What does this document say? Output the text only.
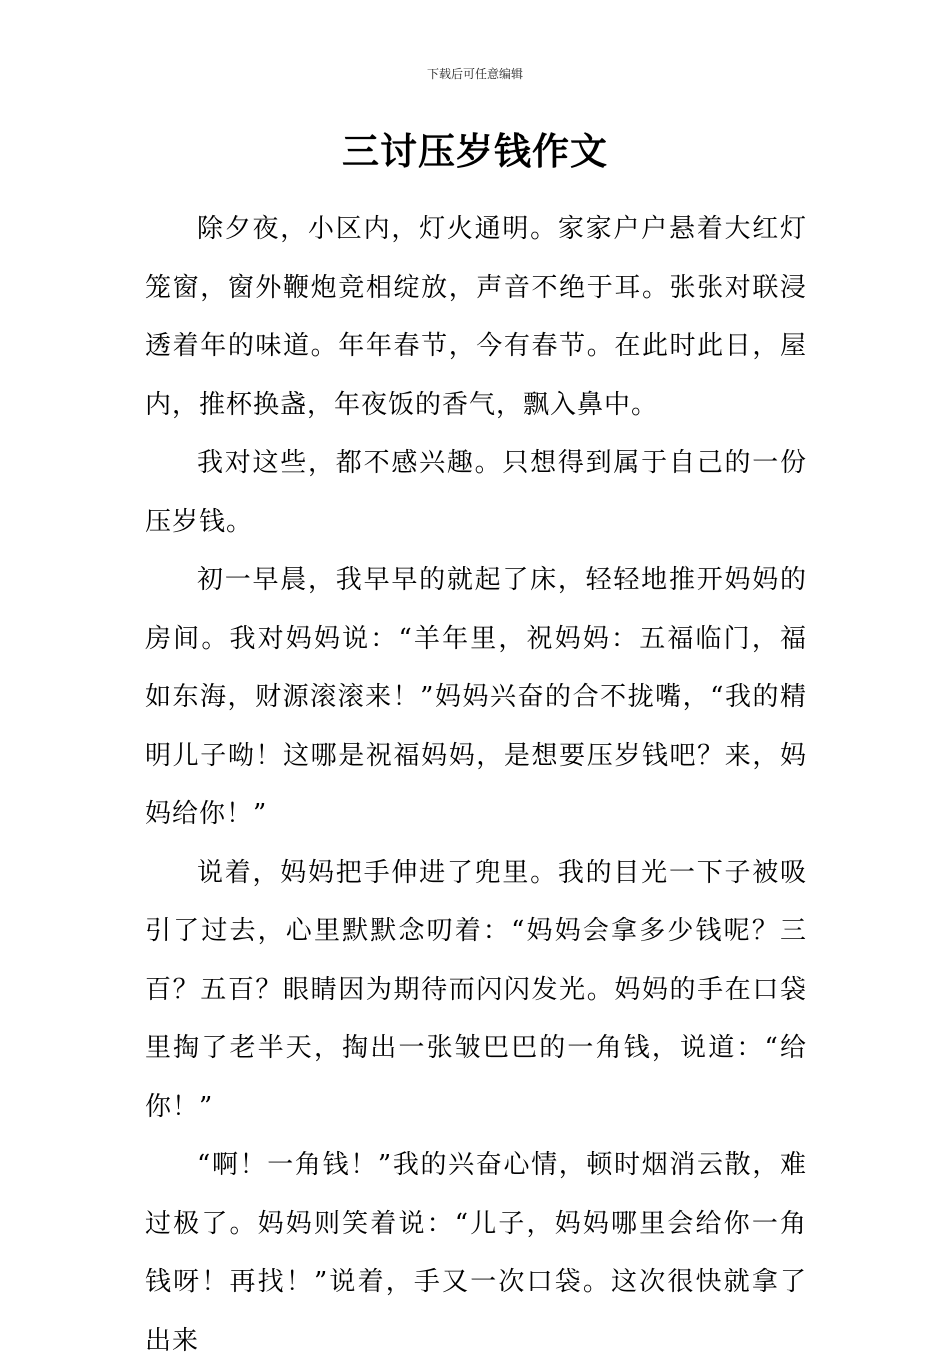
下载后可任意编辑
三讨压岁钱作文

除夕夜，小区内，灯火通明。家家户户悬着大红灯笼窗，窗外鞭炮竞相绽放，声音不绝于耳。张张对联浸透着年的味道。年年春节，今有春节。在此时此日，屋内，推杯换盏，年夜饭的香气，飘入鼻中。

我对这些，都不感兴趣。只想得到属于自己的一份压岁钱。

初一早晨，我早早的就起了床，轻轻地推开妈妈的房间。我对妈妈说：“羊年里，祝妈妈：五福临门，福如东海，财源滚滚来！”妈妈兴奋的合不拢嘴，“我的精明儿子呦！这哪是祝福妈妈，是想要压岁钱吧？来，妈妈给你！”

说着，妈妈把手伸进了兜里。我的目光一下子被吸引了过去，心里默默念叨着：“妈妈会拿多少钱呢？三百？五百？眼睛因为期待而闪闪发光。妈妈的手在口袋里掏了老半天，掏出一张皱巴巴的一角钱，说道：“给你！”

“啊！一角钱！”我的兴奋心情，顿时烟消云散，难过极了。妈妈则笑着说：“儿子，妈妈哪里会给你一角钱呀！再找！”说着，手又一次口袋。这次很快就拿了出来
